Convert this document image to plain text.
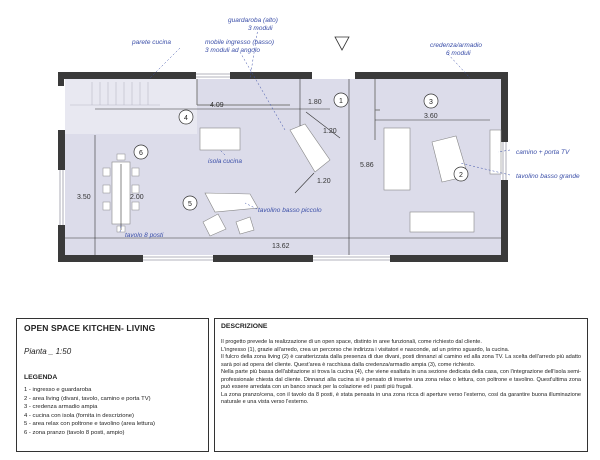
1
2
3
4
5
6
4.09	1.80
1.20
3.60
5.86
1.20
2.00
3.50
13.62
guardaroba (alto)
3 moduli
parete cucina	mobile ingresso (basso)
3 moduli ad angolo
credenza/armadio
6 moduli
camino + porta TV
tavolino basso grande
isola cucina
tavolino basso piccolo
tavolo 8 posti
OPEN SPACE KITCHEN- LIVING
Pianta _ 1:50
LEGENDA
1 - ingresso e guardaroba
2 - area living (divani, tavolo, camino e porta TV)
3 - credenza armadio ampia
4 - cucina con isola (fornita in descrizione)
5 - area relax con poltrone e tavolino (area lettura)
6 - zona pranzo (tavolo 8 posti, ampio)
DESCRIZIONE

Il progetto prevede la realizzazione di un open space, distinto in aree funzionali, come richiesto dal cliente.

L'ingresso (1), grazie all'arredo, crea un percorso che indirizza i visitatori e nasconde, ad un primo sguardo, la cucina.

Il fulcro della zona living (2) è caratterizzata dalla presenza di due divani, posti dinnanzi al camino ed alla zona TV. La scelta dell'arredo più adatto sarà poi ad opera del cliente. Quest'area è racchiusa dalla credenza/armadio ampia (3), come richiesto.

Nella parte più bassa dell'abitazione si trova la cucina (4), che viene esaltata in una sezione dedicata della casa, con l'integrazione dell'isola semi-professionale chiesta dal cliente. Dinnanzi alla cucina si è pensato di inserire una zona relax o lettura, con poltrone e tavolino. Quest'ultima zona può essere arredata con un banco snack per la colazione ed i pasti più frugali.

La zona pranzo/cena, con il tavolo da 8 posti, è stata pensata in una zona ricca di aperture verso l'esterno, così da garantire buona illuminazione naturale e una vista verso l'esterno.
